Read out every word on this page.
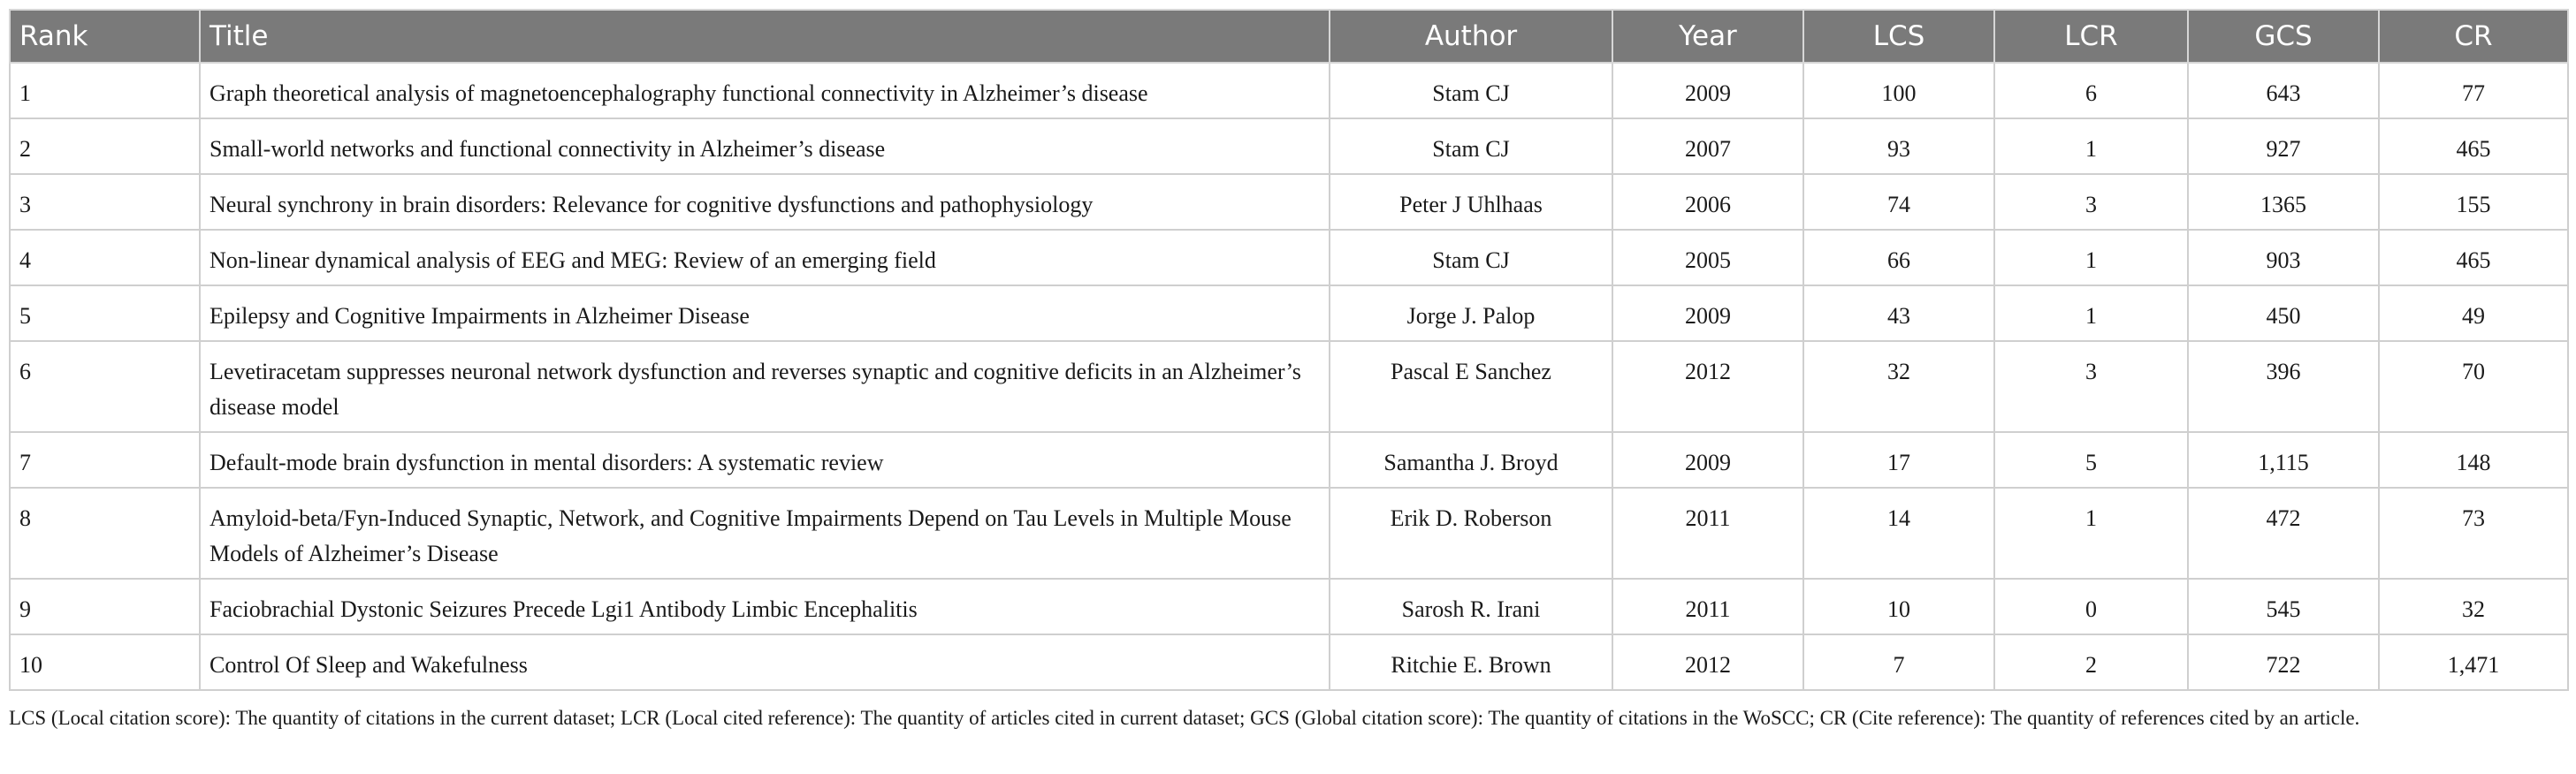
Rank	Title	Author	Year	LCS	LCR	GCS	CR
1	Graph theoretical analysis of magnetoencephalography functional connectivity in Alzheimer’s disease	Stam CJ	2009	100	6	643	77
2	Small-world networks and functional connectivity in Alzheimer’s disease	Stam CJ	2007	93	1	927	465
3	Neural synchrony in brain disorders: Relevance for cognitive dysfunctions and pathophysiology	Peter J Uhlhaas	2006	74	3	1365	155
4	Non-linear dynamical analysis of EEG and MEG: Review of an emerging field	Stam CJ	2005	66	1	903	465
5	Epilepsy and Cognitive Impairments in Alzheimer Disease	Jorge J. Palop	2009	43	1	450	49
6	Levetiracetam suppresses neuronal network dysfunction and reverses synaptic and cognitive deficits in an Alzheimer’s disease model	Pascal E Sanchez	2012	32	3	396	70
7	Default-mode brain dysfunction in mental disorders: A systematic review	Samantha J. Broyd	2009	17	5	1,115	148
8	Amyloid-beta/Fyn-Induced Synaptic, Network, and Cognitive Impairments Depend on Tau Levels in Multiple Mouse Models of Alzheimer’s Disease	Erik D. Roberson	2011	14	1	472	73
9	Faciobrachial Dystonic Seizures Precede Lgi1 Antibody Limbic Encephalitis	Sarosh R. Irani	2011	10	0	545	32
10	Control Of Sleep and Wakefulness	Ritchie E. Brown	2012	7	2	722	1,471
LCS (Local citation score): The quantity of citations in the current dataset; LCR (Local cited reference): The quantity of articles cited in current dataset; GCS (Global citation score): The quantity of citations in the WoSCC; CR (Cite reference): The quantity of references cited by an article.
